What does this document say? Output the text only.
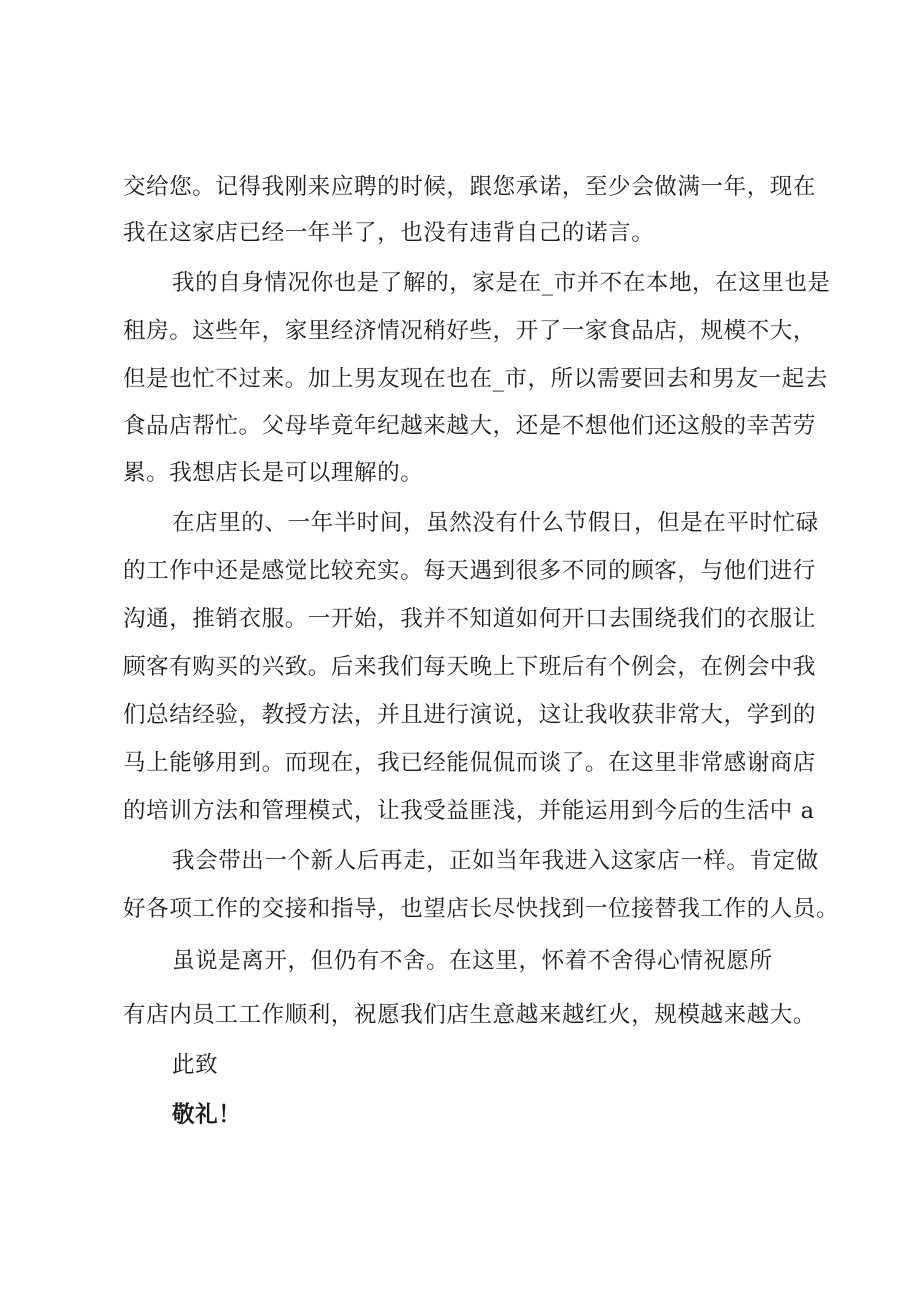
交给您。记得我刚来应聘的时候，跟您承诺，至少会做满一年，现在
我在这家店已经一年半了，也没有违背自己的诺言。
我的自身情况你也是了解的，家是在_市并不在本地，在这里也是
租房。这些年，家里经济情况稍好些，开了一家食品店，规模不大，
但是也忙不过来。加上男友现在也在_市，所以需要回去和男友一起去
食品店帮忙。父母毕竟年纪越来越大，还是不想他们还这般的幸苦劳
累。我想店长是可以理解的。
在店里的、一年半时间，虽然没有什么节假日，但是在平时忙碌
的工作中还是感觉比较充实。每天遇到很多不同的顾客，与他们进行
沟通，推销衣服。一开始，我并不知道如何开口去围绕我们的衣服让
顾客有购买的兴致。后来我们每天晚上下班后有个例会，在例会中我
们总结经验，教授方法，并且进行演说，这让我收获非常大，学到的
马上能够用到。而现在，我已经能侃侃而谈了。在这里非常感谢商店
的培训方法和管理模式，让我受益匪浅，并能运用到今后的生活中 a
我会带出一个新人后再走，正如当年我进入这家店一样。肯定做
好各项工作的交接和指导，也望店长尽快找到一位接替我工作的人员。
虽说是离开，但仍有不舍。在这里，怀着不舍得心情祝愿所
有店内员工工作顺利，祝愿我们店生意越来越红火，规模越来越大。
此致
敬礼！
